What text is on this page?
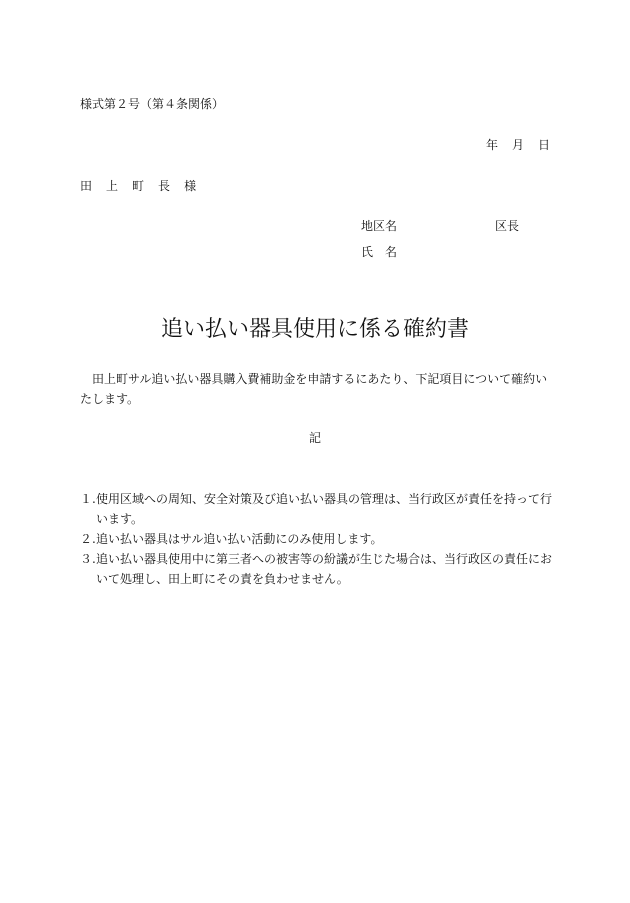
様式第２号（第４条関係）
年 月 日
田 上 町 長 様
地区名	区長
氏 名
追い払い器具使用に係る確約書
田上町サル追い払い器具購入費補助金を申請するにあたり、下記項目について確約いたします。
記
１. 使用区域への周知、安全対策及び追い払い器具の管理は、当行政区が責任を持って行います。
２. 追い払い器具はサル追い払い活動にのみ使用します。
３. 追い払い器具使用中に第三者への被害等の紛議が生じた場合は、当行政区の責任において処理し、田上町にその責を負わせません。
